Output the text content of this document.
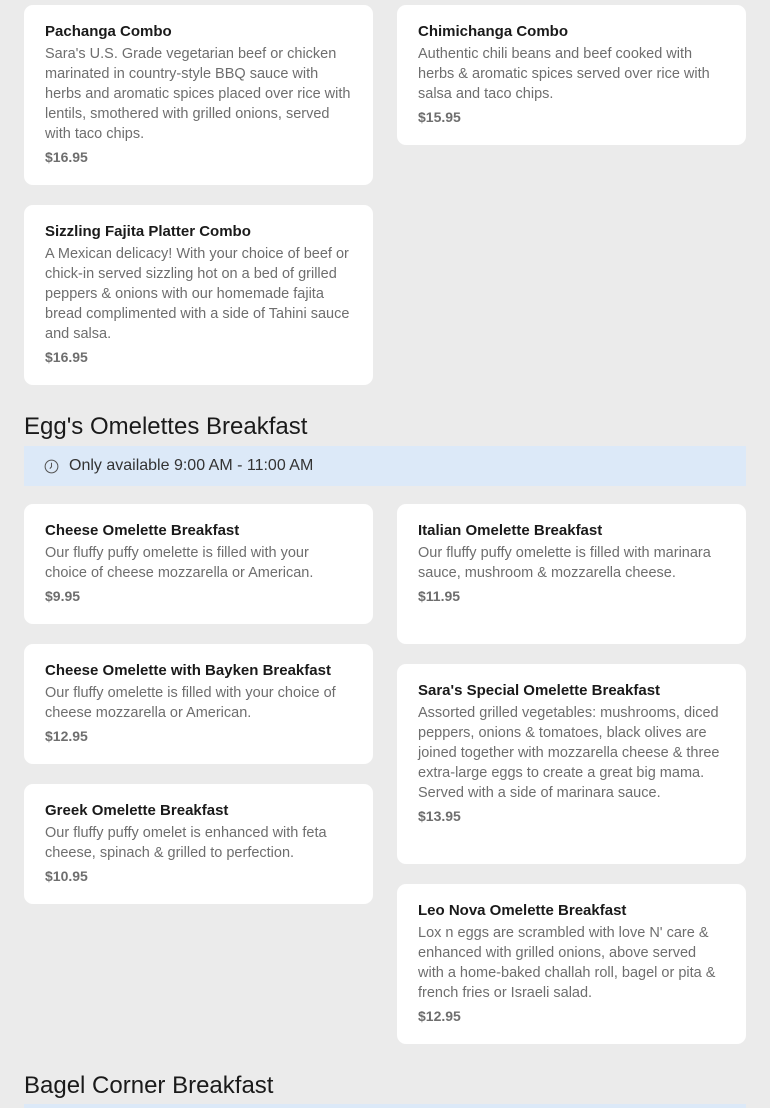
Pachanga Combo

Sara's U.S. Grade vegetarian beef or chicken marinated in country-style BBQ sauce with herbs and aromatic spices placed over rice with lentils, smothered with grilled onions, served with taco chips.

$16.95
Chimichanga Combo

Authentic chili beans and beef cooked with herbs & aromatic spices served over rice with salsa and taco chips.

$15.95
Sizzling Fajita Platter Combo

A Mexican delicacy! With your choice of beef or chick-in served sizzling hot on a bed of grilled peppers & onions with our homemade fajita bread complimented with a side of Tahini sauce and salsa.

$16.95
Egg's Omelettes Breakfast
Only available 9:00 AM - 11:00 AM
Cheese Omelette Breakfast

Our fluffy puffy omelette is filled with your choice of cheese mozzarella or American.

$9.95
Italian Omelette Breakfast

Our fluffy puffy omelette is filled with marinara sauce, mushroom & mozzarella cheese.

$11.95
Cheese Omelette with Bayken Breakfast

Our fluffy omelette is filled with your choice of cheese mozzarella or American.

$12.95
Sara's Special Omelette Breakfast

Assorted grilled vegetables: mushrooms, diced peppers, onions & tomatoes, black olives are joined together with mozzarella cheese & three extra-large eggs to create a great big mama. Served with a side of marinara sauce.

$13.95
Greek Omelette Breakfast

Our fluffy puffy omelet is enhanced with feta cheese, spinach & grilled to perfection.

$10.95
Leo Nova Omelette Breakfast

Lox n eggs are scrambled with love N' care & enhanced with grilled onions, above served with a home-baked challah roll, bagel or pita & french fries or Israeli salad.

$12.95
Bagel Corner Breakfast
